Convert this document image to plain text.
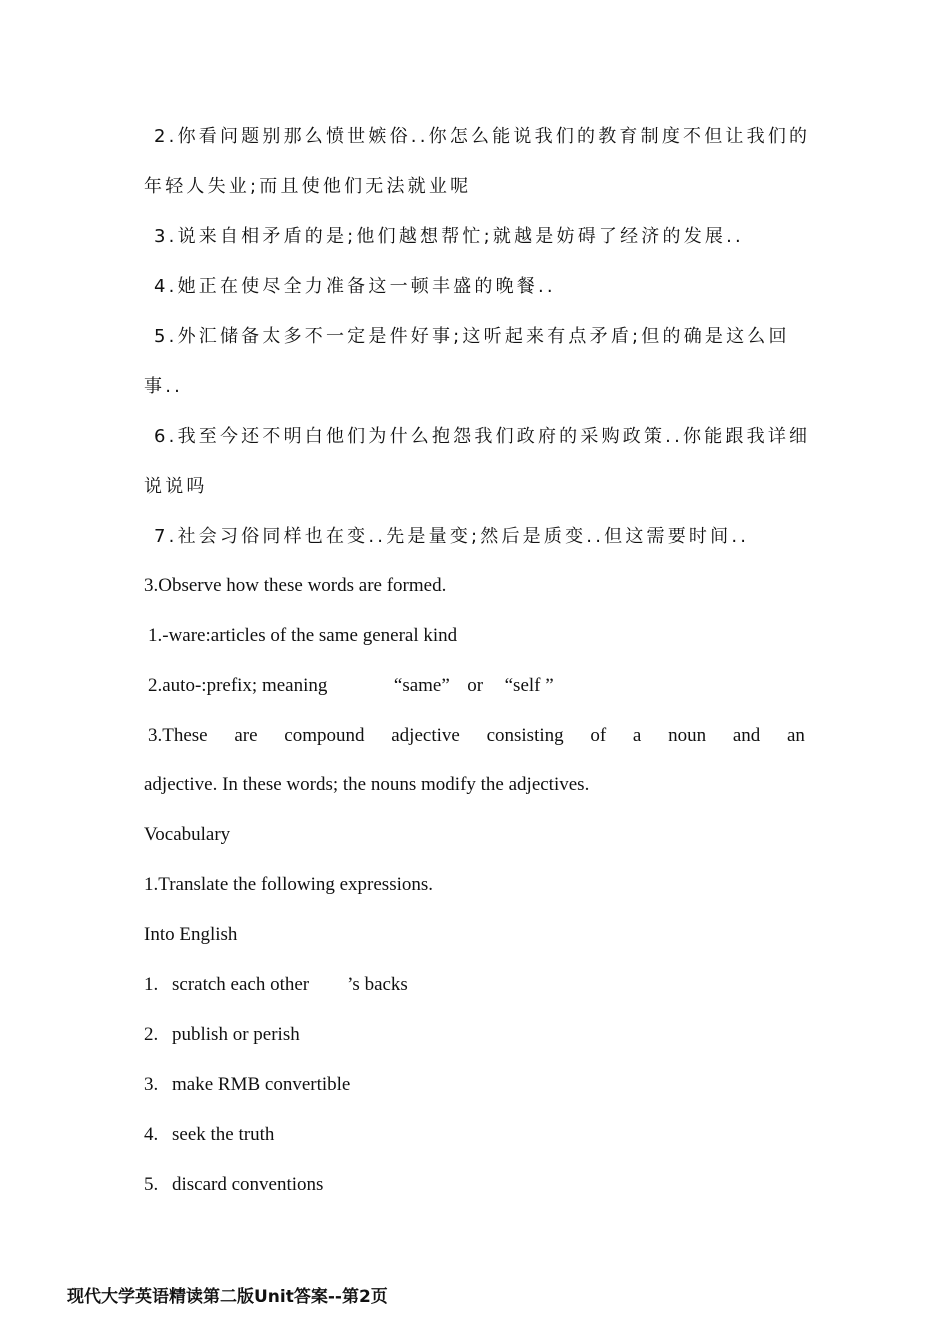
2.你看问题别那么愤世嫉俗..你怎么能说我们的教育制度不但让我们的
年轻人失业;而且使他们无法就业呢
3.说来自相矛盾的是;他们越想帮忙;就越是妨碍了经济的发展..
4.她正在使尽全力准备这一顿丰盛的晚餐..
5.外汇储备太多不一定是件好事;这听起来有点矛盾;但的确是这么回
事..
6.我至今还不明白他们为什么抱怨我们政府的采购政策..你能跟我详细
说说吗
7.社会习俗同样也在变..先是量变;然后是质变..但这需要时间..
3.Observe how these words are formed.
1.-ware:articles of the same general kind
2.auto-:prefix; meaning	“same” or “self ”
3.These are compound adjective consisting of a noun and an
adjective. In these words; the nouns modify the adjectives.
Vocabulary
1.Translate the following expressions.
Into English
1. scratch each other ’s backs
2. publish or perish
3. make RMB convertible
4. seek the truth
5. discard conventions
现代大学英语精读第二版Unit答案--第2页
